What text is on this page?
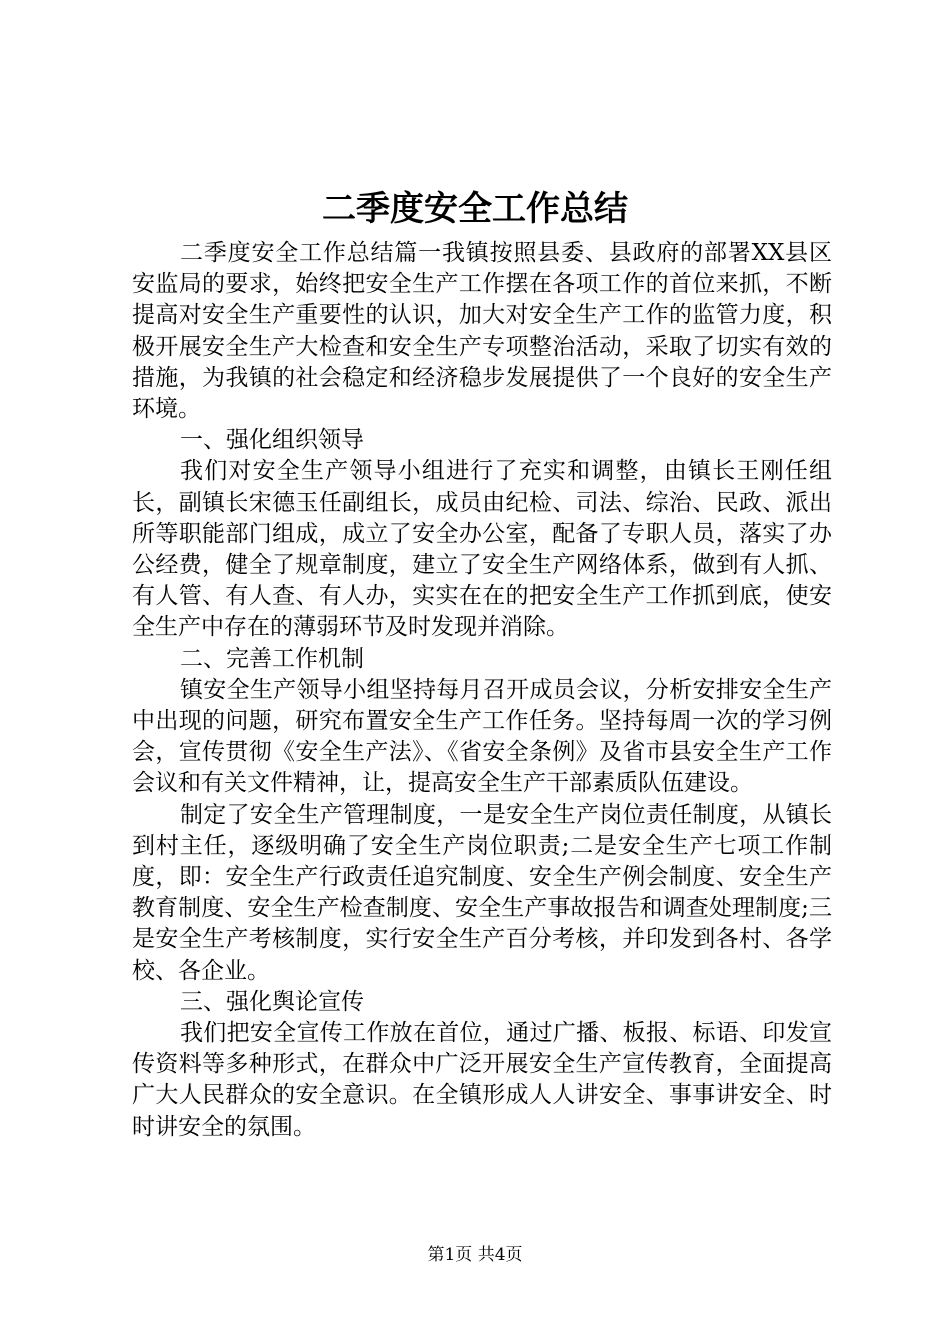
二季度安全工作总结

二季度安全工作总结篇一我镇按照县委、县政府的部署XX县区安监局的要求，始终把安全生产工作摆在各项工作的首位来抓，不断提高对安全生产重要性的认识，加大对安全生产工作的监管力度，积极开展安全生产大检查和安全生产专项整治活动，采取了切实有效的措施，为我镇的社会稳定和经济稳步发展提供了一个良好的安全生产环境。

一、强化组织领导

我们对安全生产领导小组进行了充实和调整，由镇长王刚任组长，副镇长宋德玉任副组长，成员由纪检、司法、综治、民政、派出所等职能部门组成，成立了安全办公室，配备了专职人员，落实了办公经费，健全了规章制度，建立了安全生产网络体系，做到有人抓、有人管、有人查、有人办，实实在在的把安全生产工作抓到底，使安全生产中存在的薄弱环节及时发现并消除。

二、完善工作机制

镇安全生产领导小组坚持每月召开成员会议，分析安排安全生产中出现的问题，研究布置安全生产工作任务。坚持每周一次的学习例会，宣传贯彻《安全生产法》、《省安全条例》及省市县安全生产工作会议和有关文件精神，让，提高安全生产干部素质队伍建设。

制定了安全生产管理制度，一是安全生产岗位责任制度，从镇长到村主任，逐级明确了安全生产岗位职责;二是安全生产七项工作制度，即：安全生产行政责任追究制度、安全生产例会制度、安全生产教育制度、安全生产检查制度、安全生产事故报告和调查处理制度;三是安全生产考核制度，实行安全生产百分考核，并印发到各村、各学校、各企业。

三、强化舆论宣传

我们把安全宣传工作放在首位，通过广播、板报、标语、印发宣传资料等多种形式，在群众中广泛开展安全生产宣传教育，全面提高广大人民群众的安全意识。在全镇形成人人讲安全、事事讲安全、时时讲安全的氛围。

第1页 共4页
